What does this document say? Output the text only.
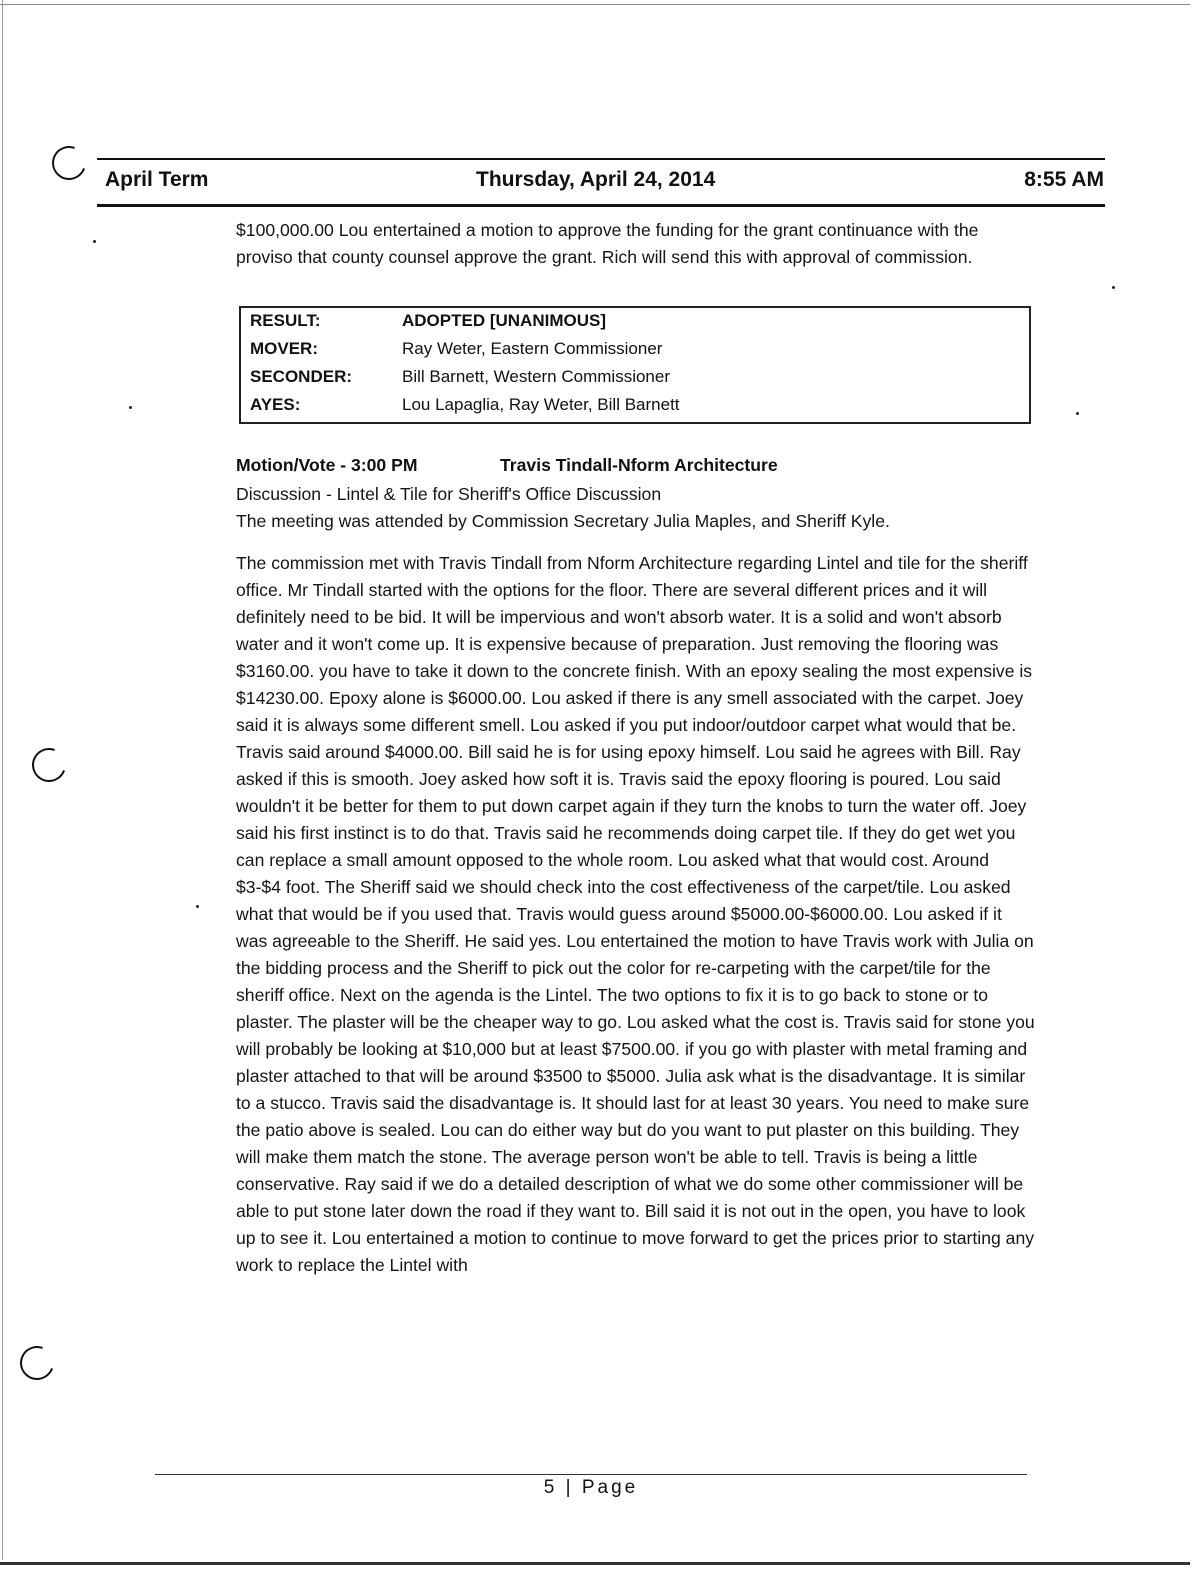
April Term	Thursday, April 24, 2014	8:55 AM

$100,000.00 Lou entertained a motion to approve the funding for the grant continuance with the proviso that county counsel approve the grant. Rich will send this with approval of commission.

RESULT:	ADOPTED [UNANIMOUS]
MOVER:	Ray Weter, Eastern Commissioner
SECONDER:	Bill Barnett, Western Commissioner
AYES:	Lou Lapaglia, Ray Weter, Bill Barnett
Motion/Vote - 3:00 PM	Travis Tindall-Nform Architecture
Discussion - Lintel & Tile for Sheriff's Office Discussion
The meeting was attended by Commission Secretary Julia Maples, and Sheriff Kyle.

The commission met with Travis Tindall from Nform Architecture regarding Lintel and tile for the sheriff office. Mr Tindall started with the options for the floor. There are several different prices and it will definitely need to be bid. It will be impervious and won't absorb water. It is a solid and won't absorb water and it won't come up. It is expensive because of preparation. Just removing the flooring was $3160.00. you have to take it down to the concrete finish. With an epoxy sealing the most expensive is $14230.00. Epoxy alone is $6000.00. Lou asked if there is any smell associated with the carpet. Joey said it is always some different smell. Lou asked if you put indoor/outdoor carpet what would that be. Travis said around $4000.00. Bill said he is for using epoxy himself. Lou said he agrees with Bill. Ray asked if this is smooth. Joey asked how soft it is. Travis said the epoxy flooring is poured. Lou said wouldn't it be better for them to put down carpet again if they turn the knobs to turn the water off. Joey said his first instinct is to do that. Travis said he recommends doing carpet tile. If they do get wet you can replace a small amount opposed to the whole room. Lou asked what that would cost. Around $3-$4 foot. The Sheriff said we should check into the cost effectiveness of the carpet/tile. Lou asked what that would be if you used that. Travis would guess around $5000.00-$6000.00. Lou asked if it was agreeable to the Sheriff. He said yes. Lou entertained the motion to have Travis work with Julia on the bidding process and the Sheriff to pick out the color for re-carpeting with the carpet/tile for the sheriff office. Next on the agenda is the Lintel. The two options to fix it is to go back to stone or to plaster. The plaster will be the cheaper way to go. Lou asked what the cost is. Travis said for stone you will probably be looking at $10,000 but at least $7500.00. if you go with plaster with metal framing and plaster attached to that will be around $3500 to $5000. Julia ask what is the disadvantage. It is similar to a stucco. Travis said the disadvantage is. It should last for at least 30 years. You need to make sure the patio above is sealed. Lou can do either way but do you want to put plaster on this building. They will make them match the stone. The average person won't be able to tell. Travis is being a little conservative. Ray said if we do a detailed description of what we do some other commissioner will be able to put stone later down the road if they want to. Bill said it is not out in the open, you have to look up to see it. Lou entertained a motion to continue to move forward to get the prices prior to starting any work to replace the Lintel with

5 | Page
